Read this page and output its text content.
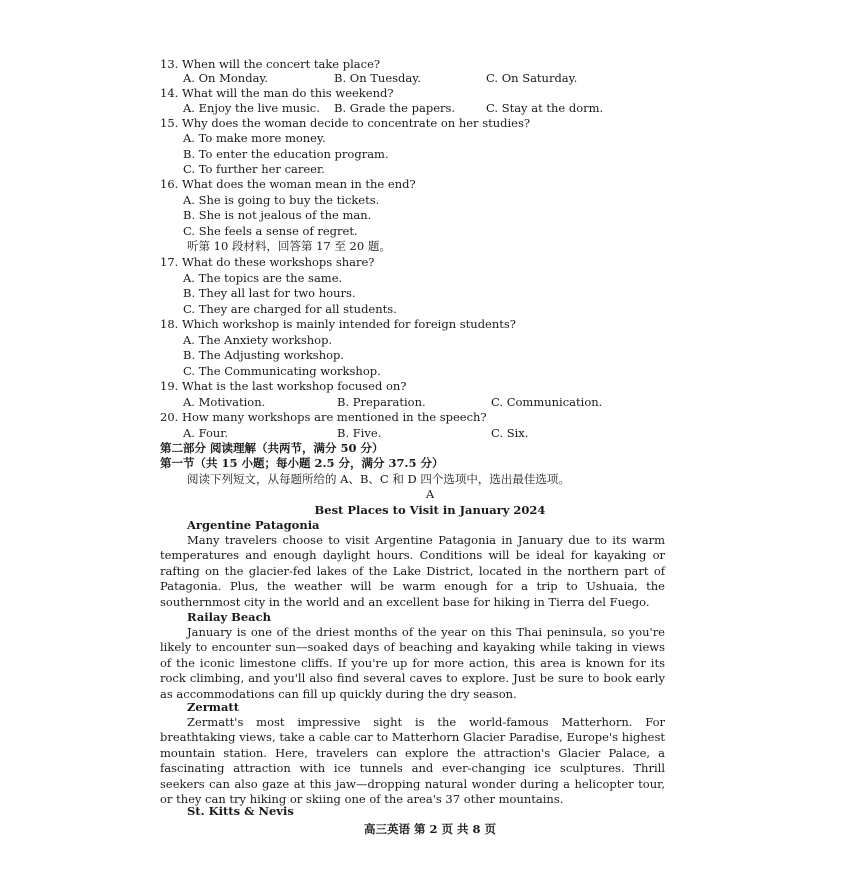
13. When will the concert take place?
A. On Monday.	B. On Tuesday.	C. On Saturday.
14. What will the man do this weekend?
A. Enjoy the live music. B. Grade the papers.	C. Stay at the dorm.
15. Why does the woman decide to concentrate on her studies?
A. To make more money.
B. To enter the education program.
C. To further her career.
16. What does the woman mean in the end?
A. She is going to buy the tickets.
B. She is not jealous of the man.
C. She feels a sense of regret.
听第 10 段材料，回答第 17 至 20 题。
17. What do these workshops share?
A. The topics are the same.
B. They all last for two hours.
C. They are charged for all students.
18. Which workshop is mainly intended for foreign students?
A. The Anxiety workshop.
B. The Adjusting workshop.
C. The Communicating workshop.
19. What is the last workshop focused on?
A. Motivation.	B. Preparation.	C. Communication.
20. How many workshops are mentioned in the speech?
A. Four.	B. Five.	C. Six.
第二部分 阅读理解（共两节，满分 50 分）
第一节（共 15 小题；每小题 2.5 分，满分 37.5 分）
阅读下列短文，从每题所给的 A、B、C 和 D 四个选项中，选出最佳选项。
A
Best Places to Visit in January 2024
Argentine Patagonia
Many travelers choose to visit Argentine Patagonia in January due to its warm temperatures and enough daylight hours. Conditions will be ideal for kayaking or rafting on the glacier-fed lakes of the Lake District, located in the northern part of Patagonia. Plus, the weather will be warm enough for a trip to Ushuaia, the southernmost city in the world and an excellent base for hiking in Tierra del Fuego.
Railay Beach
January is one of the driest months of the year on this Thai peninsula, so you're likely to encounter sun—soaked days of beaching and kayaking while taking in views of the iconic limestone cliffs. If you're up for more action, this area is known for its rock climbing, and you'll also find several caves to explore. Just be sure to book early as accommodations can fill up quickly during the dry season.
Zermatt
Zermatt's most impressive sight is the world-famous Matterhorn. For breathtaking views, take a cable car to Matterhorn Glacier Paradise, Europe's highest mountain station. Here, travelers can explore the attraction's Glacier Palace, a fascinating attraction with ice tunnels and ever-changing ice sculptures. Thrill seekers can also gaze at this jaw—dropping natural wonder during a helicopter tour, or they can try hiking or skiing one of the area's 37 other mountains.
St. Kitts & Nevis
高三英语 第 2 页 共 8 页
